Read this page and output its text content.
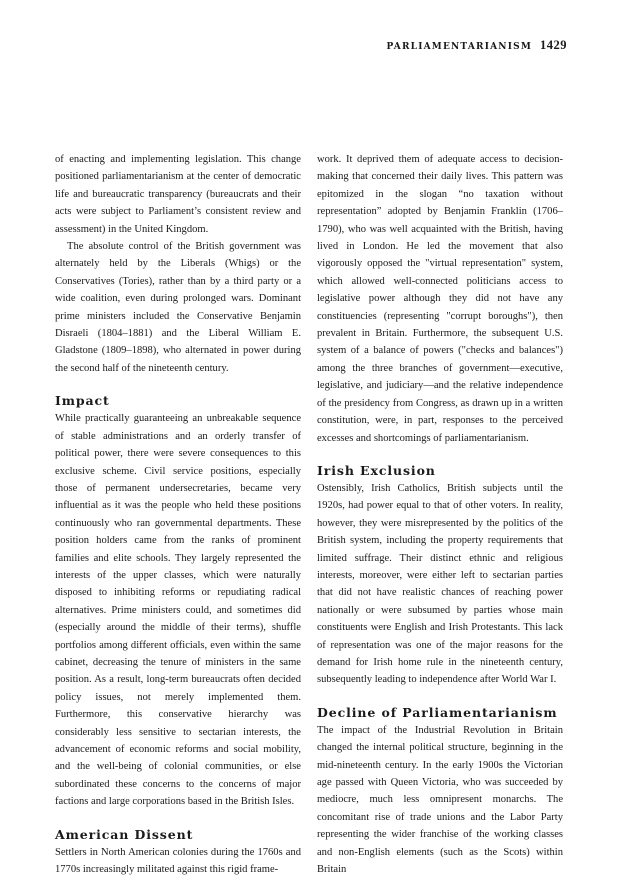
PARLIAMENTARIANISM 1429

of enacting and implementing legislation. This change positioned parliamentarianism at the center of democratic life and bureaucratic transparency (bureaucrats and their acts were subject to Parliament’s consistent review and assessment) in the United Kingdom.

The absolute control of the British government was alternately held by the Liberals (Whigs) or the Conservatives (Tories), rather than by a third party or a wide coalition, even during prolonged wars. Dominant prime ministers included the Conservative Benjamin Disraeli (1804–1881) and the Liberal William E. Gladstone (1809–1898), who alternated in power during the second half of the nineteenth century.

Impact

While practically guaranteeing an unbreakable sequence of stable administrations and an orderly transfer of political power, there were severe consequences to this exclusive scheme. Civil service positions, especially those of permanent undersecretaries, became very influential as it was the people who held these positions continuously who ran governmental departments. These position holders came from the ranks of prominent families and elite schools. They largely represented the interests of the upper classes, which were naturally disposed to inhibiting reforms or repudiating radical alternatives. Prime ministers could, and sometimes did (especially around the middle of their terms), shuffle portfolios among different officials, even within the same cabinet, decreasing the tenure of ministers in the same position. As a result, long-term bureaucrats often decided policy issues, not merely implemented them. Furthermore, this conservative hierarchy was considerably less sensitive to sectarian interests, the advancement of economic reforms and social mobility, and the well-being of colonial communities, or else subordinated these concerns to the concerns of major factions and large corporations based in the British Isles.

American Dissent

Settlers in North American colonies during the 1760s and 1770s increasingly militated against this rigid frame-

work. It deprived them of adequate access to decision-making that concerned their daily lives. This pattern was epitomized in the slogan “no taxation without representation” adopted by Benjamin Franklin (1706–1790), who was well acquainted with the British, having lived in London. He led the movement that also vigorously opposed the "virtual representation" system, which allowed well-connected politicians access to legislative power although they did not have any constituencies (representing "corrupt boroughs"), then prevalent in Britain. Furthermore, the subsequent U.S. system of a balance of powers ("checks and balances") among the three branches of government—executive, legislative, and judiciary—and the relative independence of the presidency from Congress, as drawn up in a written constitution, were, in part, responses to the perceived excesses and shortcomings of parliamentarianism.

Irish Exclusion

Ostensibly, Irish Catholics, British subjects until the 1920s, had power equal to that of other voters. In reality, however, they were misrepresented by the politics of the British system, including the property requirements that limited suffrage. Their distinct ethnic and religious interests, moreover, were either left to sectarian parties that did not have realistic chances of reaching power nationally or were subsumed by parties whose main constituents were English and Irish Protestants. This lack of representation was one of the major reasons for the demand for Irish home rule in the nineteenth century, subsequently leading to independence after World War I.

Decline of Parliamentarianism

The impact of the Industrial Revolution in Britain changed the internal political structure, beginning in the mid-nineteenth century. In the early 1900s the Victorian age passed with Queen Victoria, who was succeeded by mediocre, much less omnipresent monarchs. The concomitant rise of trade unions and the Labor Party representing the wider franchise of the working classes and non-English elements (such as the Scots) within Britain
